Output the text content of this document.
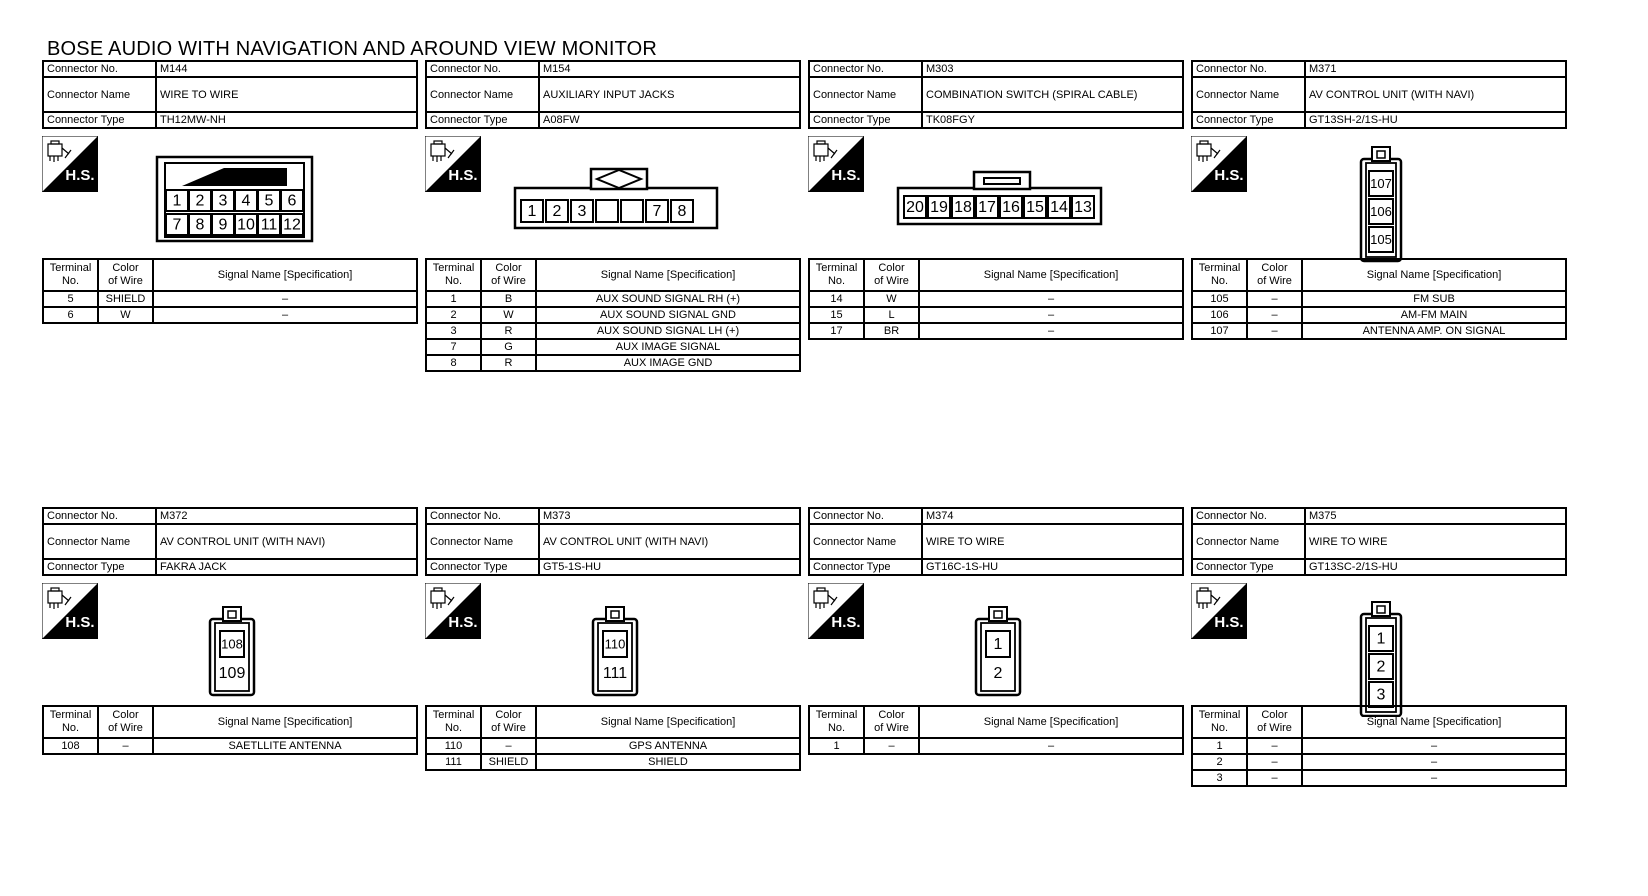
BOSE AUDIO WITH NAVIGATION AND AROUND VIEW MONITOR
Connector No.	M144
Connector Name	WIRE TO WIRE
Connector Type	TH12MW-NH
H.S.
1 2 3 4 5 6
7 8 9 10 11 12
Terminal
No.	Color
of Wire	Signal Name [Specification]
5	SHIELD	–
6	W	–
Connector No.	M154
Connector Name	AUXILIARY INPUT JACKS
Connector Type	A08FW
H.S.
1 2 3	7 8
Terminal
No.	Color
of Wire	Signal Name [Specification]
1	B	AUX SOUND SIGNAL RH (+)
2	W	AUX SOUND SIGNAL GND
3	R	AUX SOUND SIGNAL LH (+)
7	G	AUX IMAGE SIGNAL
8	R	AUX IMAGE GND
Connector No.	M303
Connector Name	COMBINATION SWITCH (SPIRAL CABLE)
Connector Type	TK08FGY
H.S.
20 19 18 17 16 15 14 13
Terminal
No.	Color
of Wire	Signal Name [Specification]
14	W	–
15	L	–
17	BR	–
Connector No.	M371
Connector Name	AV CONTROL UNIT (WITH NAVI)
Connector Type	GT13SH-2/1S-HU
H.S.	107
106
105
Terminal
No.	Color
of Wire	Signal Name [Specification]
105	–	FM SUB
106	–	AM-FM MAIN
107	–	ANTENNA AMP. ON SIGNAL
Connector No.	M372
Connector Name	AV CONTROL UNIT (WITH NAVI)
Connector Type	FAKRA JACK
H.S.
108
109
Terminal
No.	Color
of Wire	Signal Name [Specification]
108	–	SAETLLITE ANTENNA
Connector No.	M373
Connector Name	AV CONTROL UNIT (WITH NAVI)
Connector Type	GT5-1S-HU
H.S.
110
111
Terminal
No.	Color
of Wire	Signal Name [Specification]
110	–	GPS ANTENNA
111	SHIELD	SHIELD
Connector No.	M374
Connector Name	WIRE TO WIRE
Connector Type	GT16C-1S-HU
H.S.
1
2
Terminal
No.	Color
of Wire	Signal Name [Specification]
1	–	–
Connector No.	M375
Connector Name	WIRE TO WIRE
Connector Type	GT13SC-2/1S-HU
H.S.
1
2
3
Terminal
No.	Color
of Wire	Signal Name [Specification]
1	–	–
2	–	–
3	–	–
